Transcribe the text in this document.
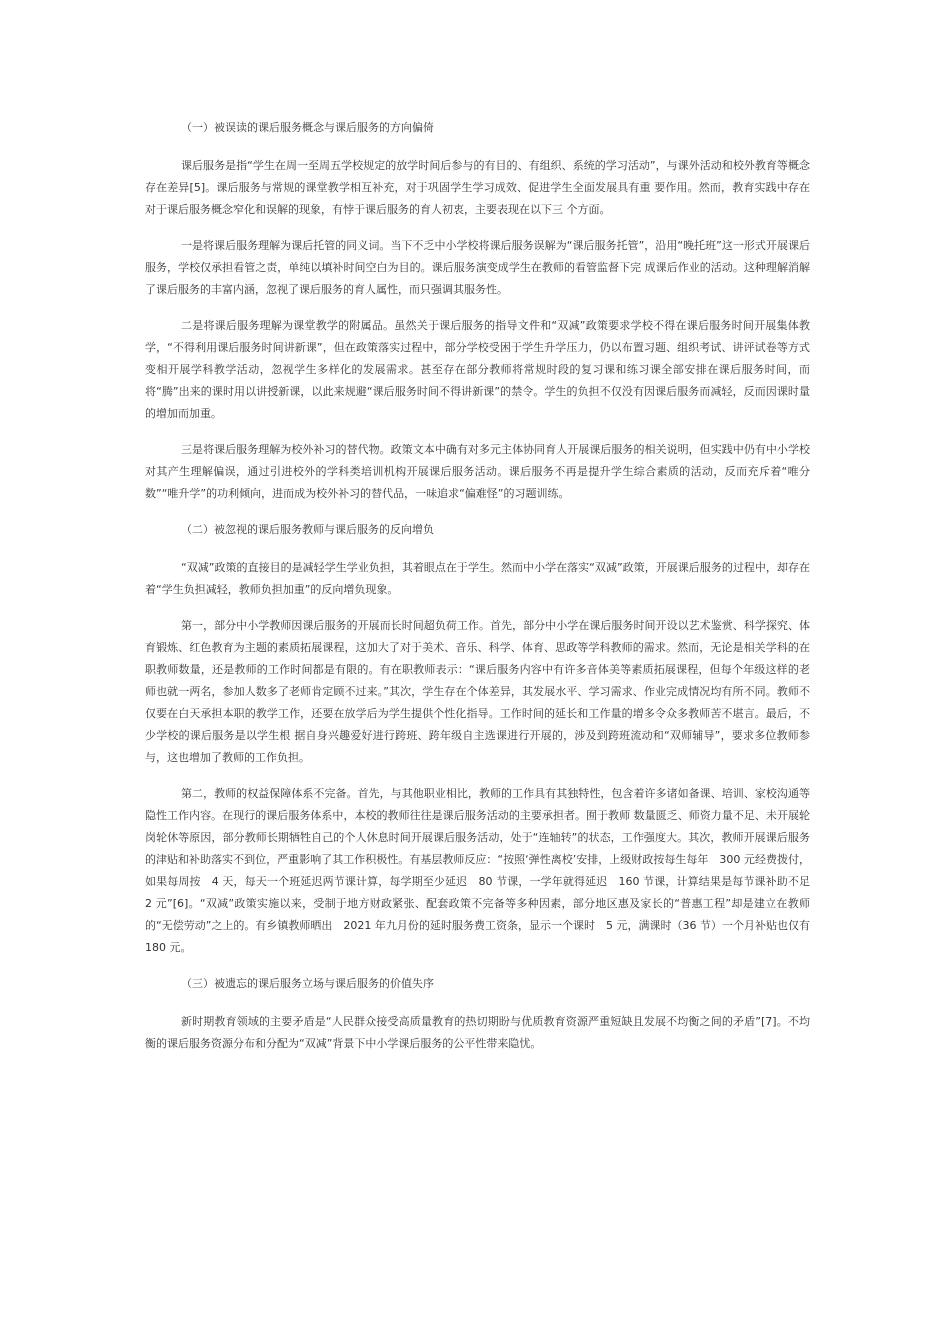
（一）被误读的课后服务概念与课后服务的方向偏倚

课后服务是指“学生在周一至周五学校规定的放学时间后参与的有目的、有组织、系统的学习活动”，与课外活动和校外教育等概念存在差异[5]。课后服务与常规的课堂教学相互补充，对于巩固学生学习成效、促进学生全面发展具有重 要作用。然而，教育实践中存在对于课后服务概念窄化和误解的现象，有悖于课后服务的育人初衷，主要表现在以下三 个方面。

一是将课后服务理解为课后托管的同义词。当下不乏中小学校将课后服务误解为“课后服务托管”，沿用“晚托班”这一形式开展课后服务，学校仅承担看管之责，单纯以填补时间空白为目的。课后服务演变成学生在教师的看管监督下完 成课后作业的活动。这种理解消解了课后服务的丰富内涵，忽视了课后服务的育人属性，而只强调其服务性。

二是将课后服务理解为课堂教学的附属品。虽然关于课后服务的指导文件和“双减”政策要求学校不得在课后服务时间开展集体教学，“不得利用课后服务时间讲新课”，但在政策落实过程中，部分学校受困于学生升学压力，仍以布置习题、组织考试、讲评试卷等方式变相开展学科教学活动，忽视学生多样化的发展需求。甚至存在部分教师将常规时段的复习课和练习课全部安排在课后服务时间，而将“腾”出来的课时用以讲授新课，以此来规避“课后服务时间不得讲新课”的禁令。学生的负担不仅没有因课后服务而减轻，反而因课时量的增加而加重。

三是将课后服务理解为校外补习的替代物。政策文本中确有对多元主体协同育人开展课后服务的相关说明，但实践中仍有中小学校对其产生理解偏误，通过引进校外的学科类培训机构开展课后服务活动。课后服务不再是提升学生综合素质的活动，反而充斥着“唯分数”“唯升学”的功利倾向，进而成为校外补习的替代品，一味追求“偏难怪”的习题训练。

（二）被忽视的课后服务教师与课后服务的反向增负

“双减”政策的直接目的是减轻学生学业负担，其着眼点在于学生。然而中小学在落实“双减”政策，开展课后服务的过程中，却存在着“学生负担减轻，教师负担加重”的反向增负现象。

第一，部分中小学教师因课后服务的开展而长时间超负荷工作。首先，部分中小学在课后服务时间开设以艺术鉴赏、科学探究、体育锻炼、红色教育为主题的素质拓展课程，这加大了对于美术、音乐、科学、体育、思政等学科教师的需求。然而，无论是相关学科的在职教师数量，还是教师的工作时间都是有限的。有在职教师表示：“课后服务内容中有许多音体美等素质拓展课程，但每个年级这样的老师也就一两名，参加人数多了老师肯定顾不过来。”其次，学生存在个体差异，其发展水平、学习需求、作业完成情况均有所不同。教师不仅要在白天承担本职的教学工作，还要在放学后为学生提供个性化指导。工作时间的延长和工作量的增多令众多教师苦不堪言。最后，不少学校的课后服务是以学生根 据自身兴趣爱好进行跨班、跨年级自主选课进行开展的，涉及到跨班流动和“双师辅导”，要求多位教师参与，这也增加了教师的工作负担。

第二，教师的权益保障体系不完备。首先，与其他职业相比，教师的工作具有其独特性，包含着许多诸如备课、培训、家校沟通等隐性工作内容。在现行的课后服务体系中，本校的教师往往是课后服务活动的主要承担者。囿于教师 数量匮乏、师资力量不足、未开展轮岗轮休等原因，部分教师长期牺牲自己的个人休息时间开展课后服务活动，处于“连轴转”的状态，工作强度大。其次，教师开展课后服务的津贴和补助落实不到位，严重影响了其工作积极性。有基层教师反应：“按照‘弹性离校’安排，上级财政按每生每年　300 元经费拨付，如果每周按　4 天，每天一个班延迟两节课计算，每学期至少延迟　80 节课，一学年就得延迟　160 节课，计算结果是每节课补助不足　2 元”[6]。“双减”政策实施以来，受制于地方财政紧张、配套政策不完备等多种因素，部分地区惠及家长的“普惠工程”却是建立在教师的“无偿劳动”之上的。有乡镇教师晒出　2021 年九月份的延时服务费工资条，显示一个课时　5 元，满课时（36 节）一个月补贴也仅有　180 元。

（三）被遗忘的课后服务立场与课后服务的价值失序

新时期教育领域的主要矛盾是“人民群众接受高质量教育的热切期盼与优质教育资源严重短缺且发展不均衡之间的矛盾”[7]。不均衡的课后服务资源分布和分配为“双减”背景下中小学课后服务的公平性带来隐忧。
